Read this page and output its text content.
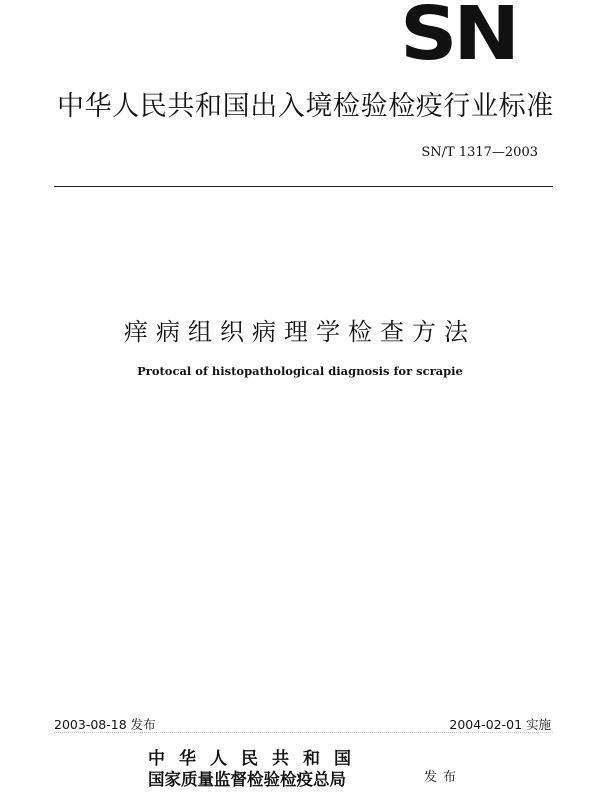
SN
中华人民共和国出入境检验检疫行业标准
SN/T 1317—2003
痒病组织病理学检查方法
Protocal of histopathological diagnosis for scrapie
2003-08-18 发布	2004-02-01 实施
中华人民共和国
国家质量监督检验检疫总局	发布
